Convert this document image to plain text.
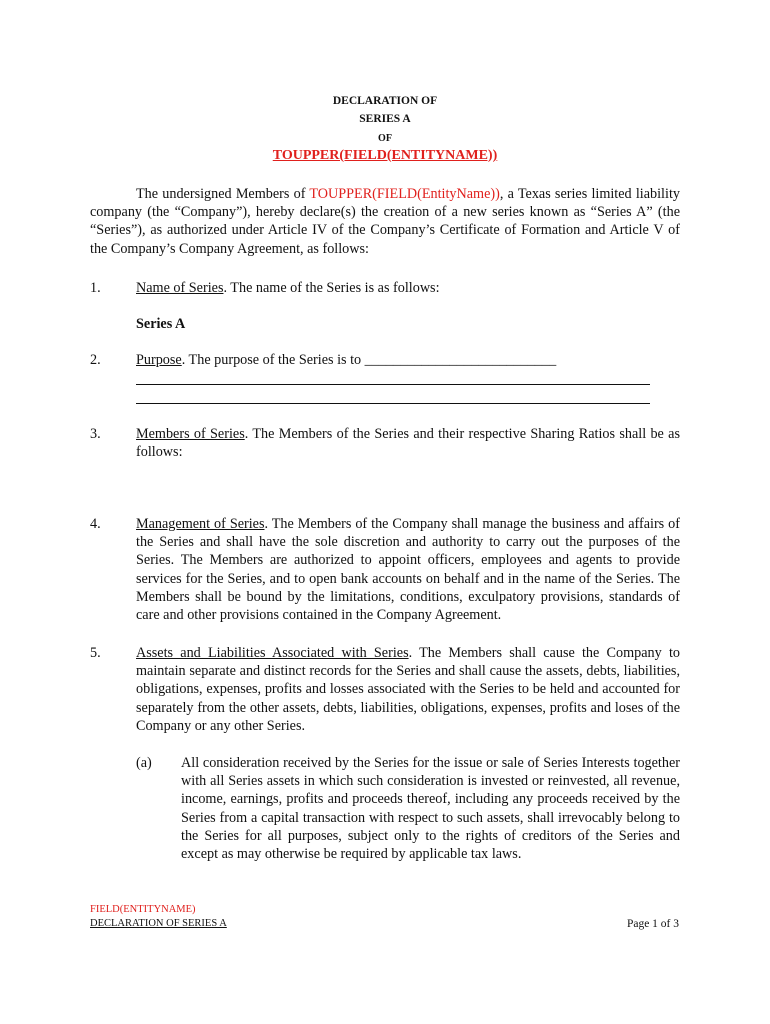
DECLARATION OF

SERIES A

OF

TOUPPER(FIELD(ENTITYNAME))

The undersigned Members of TOUPPER(FIELD(EntityName)), a Texas series limited liability company (the “Company”), hereby declare(s) the creation of a new series known as “Series A” (the “Series”), as authorized under Article IV of the Company’s Certificate of Formation and Article V of the Company’s Company Agreement, as follows:

1. Name of Series. The name of the Series is as follows:

Series A

2. Purpose. The purpose of the Series is to ___________________________

3. Members of Series. The Members of the Series and their respective Sharing Ratios shall be as follows:

4. Management of Series. The Members of the Company shall manage the business and affairs of the Series and shall have the sole discretion and authority to carry out the purposes of the Series. The Members are authorized to appoint officers, employees and agents to provide services for the Series, and to open bank accounts on behalf and in the name of the Series. The Members shall be bound by the limitations, conditions, exculpatory provisions, standards of care and other provisions contained in the Company Agreement.

5. Assets and Liabilities Associated with Series. The Members shall cause the Company to maintain separate and distinct records for the Series and shall cause the assets, debts, liabilities, obligations, expenses, profits and losses associated with the Series to be held and accounted for separately from the other assets, debts, liabilities, obligations, expenses, profits and loses of the Company or any other Series.

(a) All consideration received by the Series for the issue or sale of Series Interests together with all Series assets in which such consideration is invested or reinvested, all revenue, income, earnings, profits and proceeds thereof, including any proceeds received by the Series from a capital transaction with respect to such assets, shall irrevocably belong to the Series for all purposes, subject only to the rights of creditors of the Series and except as may otherwise be required by applicable tax laws.

FIELD(ENTITYNAME)
DECLARATION OF SERIES A	Page 1 of 3
